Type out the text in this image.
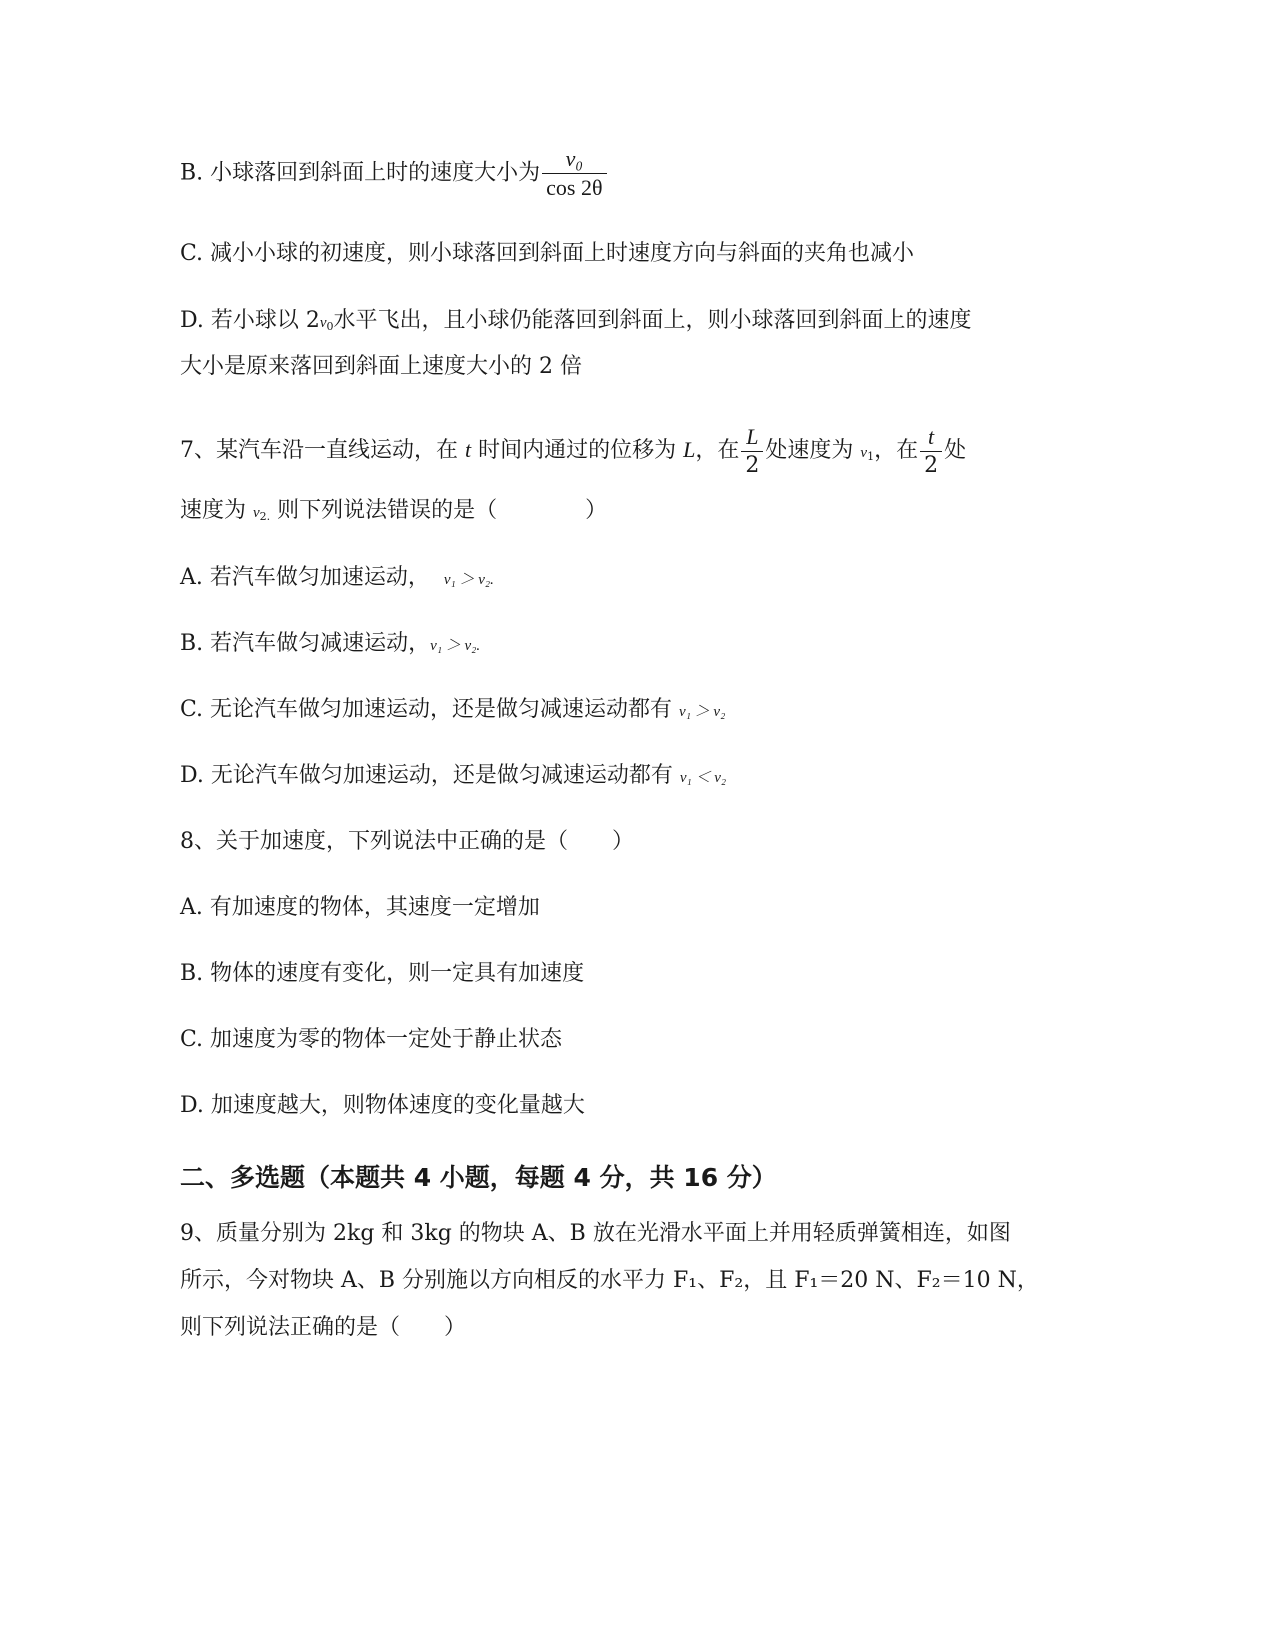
B. 小球落回到斜面上时的速度大小为 $\frac{\text{v₀}}{\cos 2\theta}$
C. 减小小球的初速度，则小球落回到斜面上时速度方向与斜面的夹角也减小
D. 若小球以 $2v_0$水平飞出，且小球仍能落回到斜面上，则小球落回到斜面上的速度
大小是原来落回到斜面上速度大小的 2 倍
7、某汽车沿一直线运动，在 t 时间内通过的位移为 L，在 $\frac{L}{2}$ 处速度为 $v_1$，在 $\frac{t}{2}$ 处
速度为 $v_{2.}$ 则下列说法错误的是（　　　　）
A. 若汽车做匀加速运动， v₁ ＞ v₂.
B. 若汽车做匀减速运动，v₁ ＞ v₂.
C. 无论汽车做匀加速运动，还是做匀减速运动都有 v₁ ＞ v₂
D. 无论汽车做匀加速运动，还是做匀减速运动都有 v₁ ＜ v₂
8、关于加速度，下列说法中正确的是（　　）
A. 有加速度的物体，其速度一定增加
B. 物体的速度有变化，则一定具有加速度
C. 加速度为零的物体一定处于静止状态
D. 加速度越大，则物体速度的变化量越大
二、多选题（本题共 4 小题，每题 4 分，共 16 分）
9、质量分别为 2kg 和 3kg 的物块 A、B 放在光滑水平面上并用轻质弹簧相连，如图
所示，今对物块 A、B 分别施以方向相反的水平力 F₁、F₂，且 F₁＝20 N、F₂＝10 N，
则下列说法正确的是（　　）
